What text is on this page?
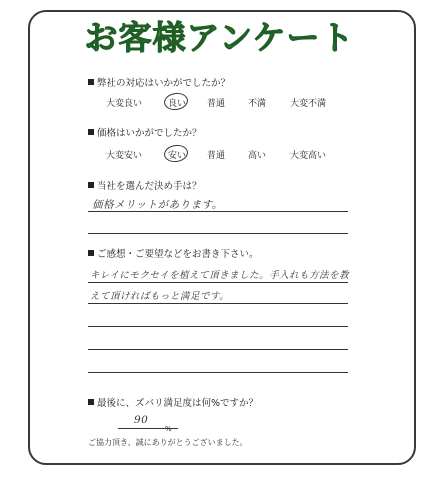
お客様アンケート
弊社の対応はいかがでしたか？
大変良い	良い 普通	不満	大変不満
価格はいかがでしたか？
大変安い	安い 普通	高い	大変高い
当社を選んだ決め手は？
価格メリットがあります。
ご感想・ご要望などをお書き下さい。
キレイにモクセイを植えて頂きました。手入れも方法を教
えて頂ければもっと満足です。
最後に、ズバリ満足度は何%ですか？
90
%
ご協力頂き、誠にありがとうございました。
